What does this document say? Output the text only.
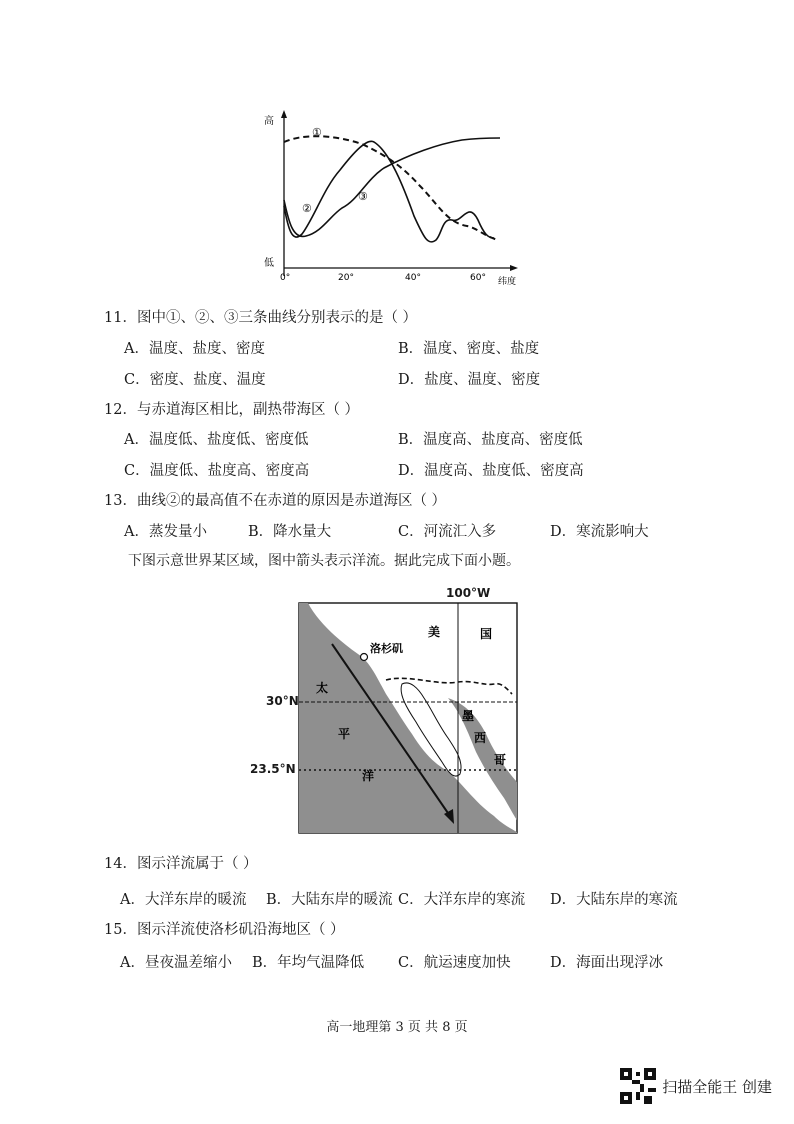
高
低
0°	20°	40°	60° 纬度
①
②
③
11．图中①、②、③三条曲线分别表示的是（ ）
A．温度、盐度、密度	B．温度、密度、盐度
C．密度、盐度、温度	D．盐度、温度、密度
12．与赤道海区相比，副热带海区（ ）
A．温度低、盐度低、密度低	B．温度高、盐度高、密度低
C．温度低、盐度高、密度高	D．温度高、盐度低、密度高
13．曲线②的最高值不在赤道的原因是赤道海区（ ）
A．蒸发量小	B．降水量大	C．河流汇入多	D．寒流影响大
下图示意世界某区域，图中箭头表示洋流。据此完成下面小题。
洛杉矶
美	国
墨
西
哥
太
平
洋
100°W
30°N
23.5°N
14．图示洋流属于（ ）
A．大洋东岸的暖流 B．大陆东岸的暖流 C．大洋东岸的寒流 D．大陆东岸的寒流
15．图示洋流使洛杉矶沿海地区（ ）
A．昼夜温差缩小 B．年均气温降低 C．航运速度加快	D．海面出现浮冰
高一地理第 3 页 共 8 页
扫描全能王 创建
